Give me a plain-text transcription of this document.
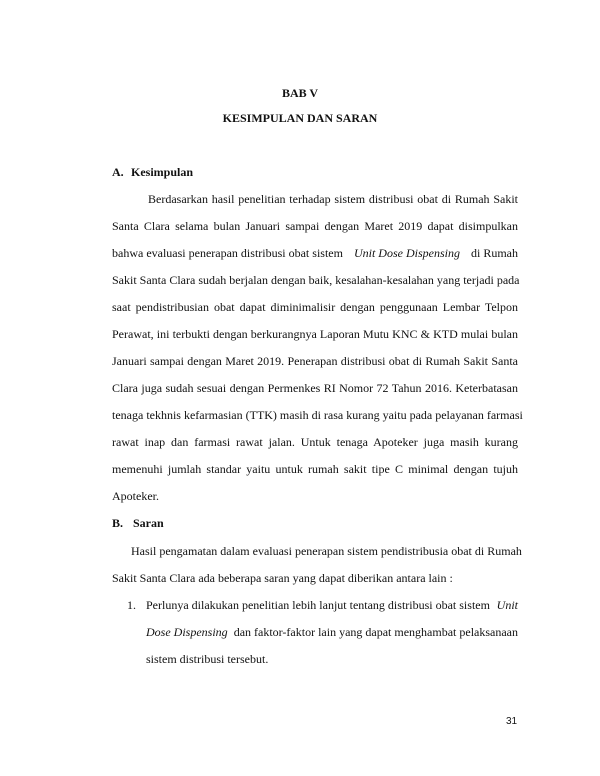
BAB V
KESIMPULAN DAN SARAN
A. Kesimpulan
Berdasarkan hasil penelitian terhadap sistem distribusi obat di Rumah Sakit
Santa Clara selama bulan Januari sampai dengan Maret 2019 dapat disimpulkan
bahwa evaluasi penerapan distribusi obat sistem Unit Dose Dispensing di Rumah
Sakit Santa Clara sudah berjalan dengan baik, kesalahan-kesalahan yang terjadi pada
saat pendistribusian obat dapat diminimalisir dengan penggunaan Lembar Telpon
Perawat, ini terbukti dengan berkurangnya Laporan Mutu KNC & KTD mulai bulan
Januari sampai dengan Maret 2019. Penerapan distribusi obat di Rumah Sakit Santa
Clara juga sudah sesuai dengan Permenkes RI Nomor 72 Tahun 2016. Keterbatasan
tenaga tekhnis kefarmasian (TTK) masih di rasa kurang yaitu pada pelayanan farmasi
rawat inap dan farmasi rawat jalan. Untuk tenaga Apoteker juga masih kurang
memenuhi jumlah standar yaitu untuk rumah sakit tipe C minimal dengan tujuh
Apoteker.
B. Saran
Hasil pengamatan dalam evaluasi penerapan sistem pendistribusia obat di Rumah
Sakit Santa Clara ada beberapa saran yang dapat diberikan antara lain :
1. Perlunya dilakukan penelitian lebih lanjut tentang distribusi obat sistem Unit
Dose Dispensing dan faktor-faktor lain yang dapat menghambat pelaksanaan
sistem distribusi tersebut.
31
